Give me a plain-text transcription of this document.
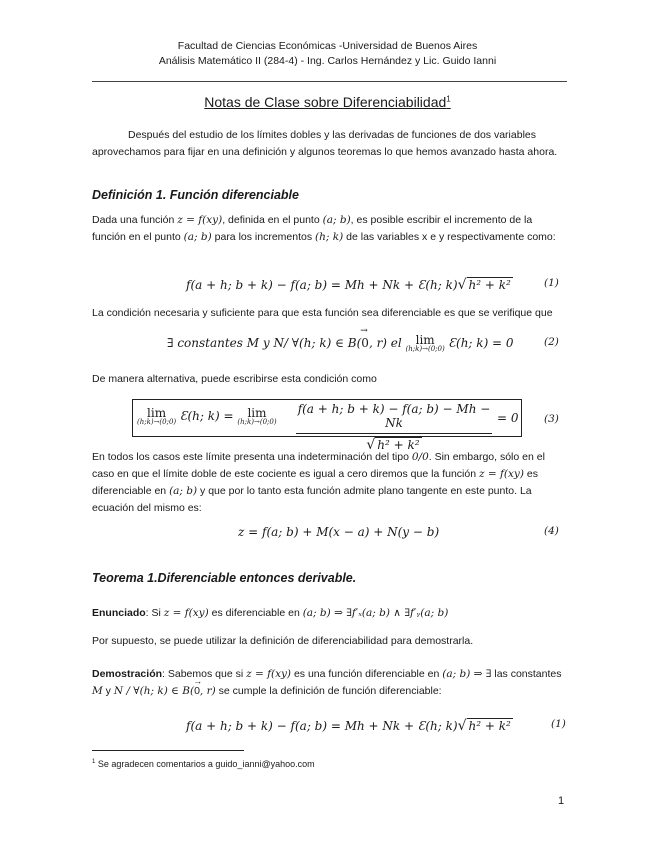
Facultad de Ciencias Económicas -Universidad de Buenos Aires
Análisis Matemático II (284-4) - Ing. Carlos Hernández y Lic. Guido Ianni
Notas de Clase sobre Diferenciabilidad$^1$
Después del estudio de los límites dobles y las derivadas de funciones de dos variables aprovechamos para fijar en una definición y algunos teoremas lo que hemos avanzado hasta ahora.
Definición 1. Función diferenciable
Dada una función z = f(xy), definida en el punto (a; b), es posible escribir el incremento de la función en el punto (a; b) para los incrementos (h; k) de las variables x e y respectivamente como:
f(a + h; b + k) − f(a; b) = Mh + Nk + Ɛ(h; k)√ h² + k²	(1)
La condición necesaria y suficiente para que esta función sea diferenciable es que se verifique que
∃ constantes M y N/ ∀(h; k) ∈ B(0 →, r) el lim
(h;k)→(0;0) Ɛ(h; k) = 0	(2)
De manera alternativa, puede escribirse esta condición como
lim
(h;k)→(0;0) Ɛ(h; k) = lim
(h;k)→(0;0)
f(a + h; b + k) − f(a; b) − Mh − Nk
√ h² + k²
= 0 (3)
En todos los casos este límite presenta una indeterminación del tipo 0/0. Sin embargo, sólo en el caso en que el límite doble de este cociente es igual a cero diremos que la función z = f(xy) es diferenciable en (a; b) y que por lo tanto esta función admite plano tangente en este punto. La ecuación del mismo es:
z = f(a; b) + M(x − a) + N(y − b)	(4)
Teorema 1.Diferenciable entonces derivable.
Enunciado: Si z = f(xy) es diferenciable en (a; b) ⇒ ∃f′ₓ(a; b) ∧ ∃f′ᵧ(a; b)
Por supuesto, se puede utilizar la definición de diferenciabilidad para demostrarla.
Demostración: Sabemos que si z = f(xy) es una función diferenciable en (a; b) ⇒ ∃ las constantes M y N / ∀(h; k) ∈ B(0 →, r) se cumple la definición de función diferenciable:
f(a + h; b + k) − f(a; b) = Mh + Nk + Ɛ(h; k)√ h² + k²	(1)
$^1$ Se agradecen comentarios a guido_ianni@yahoo.com
1
